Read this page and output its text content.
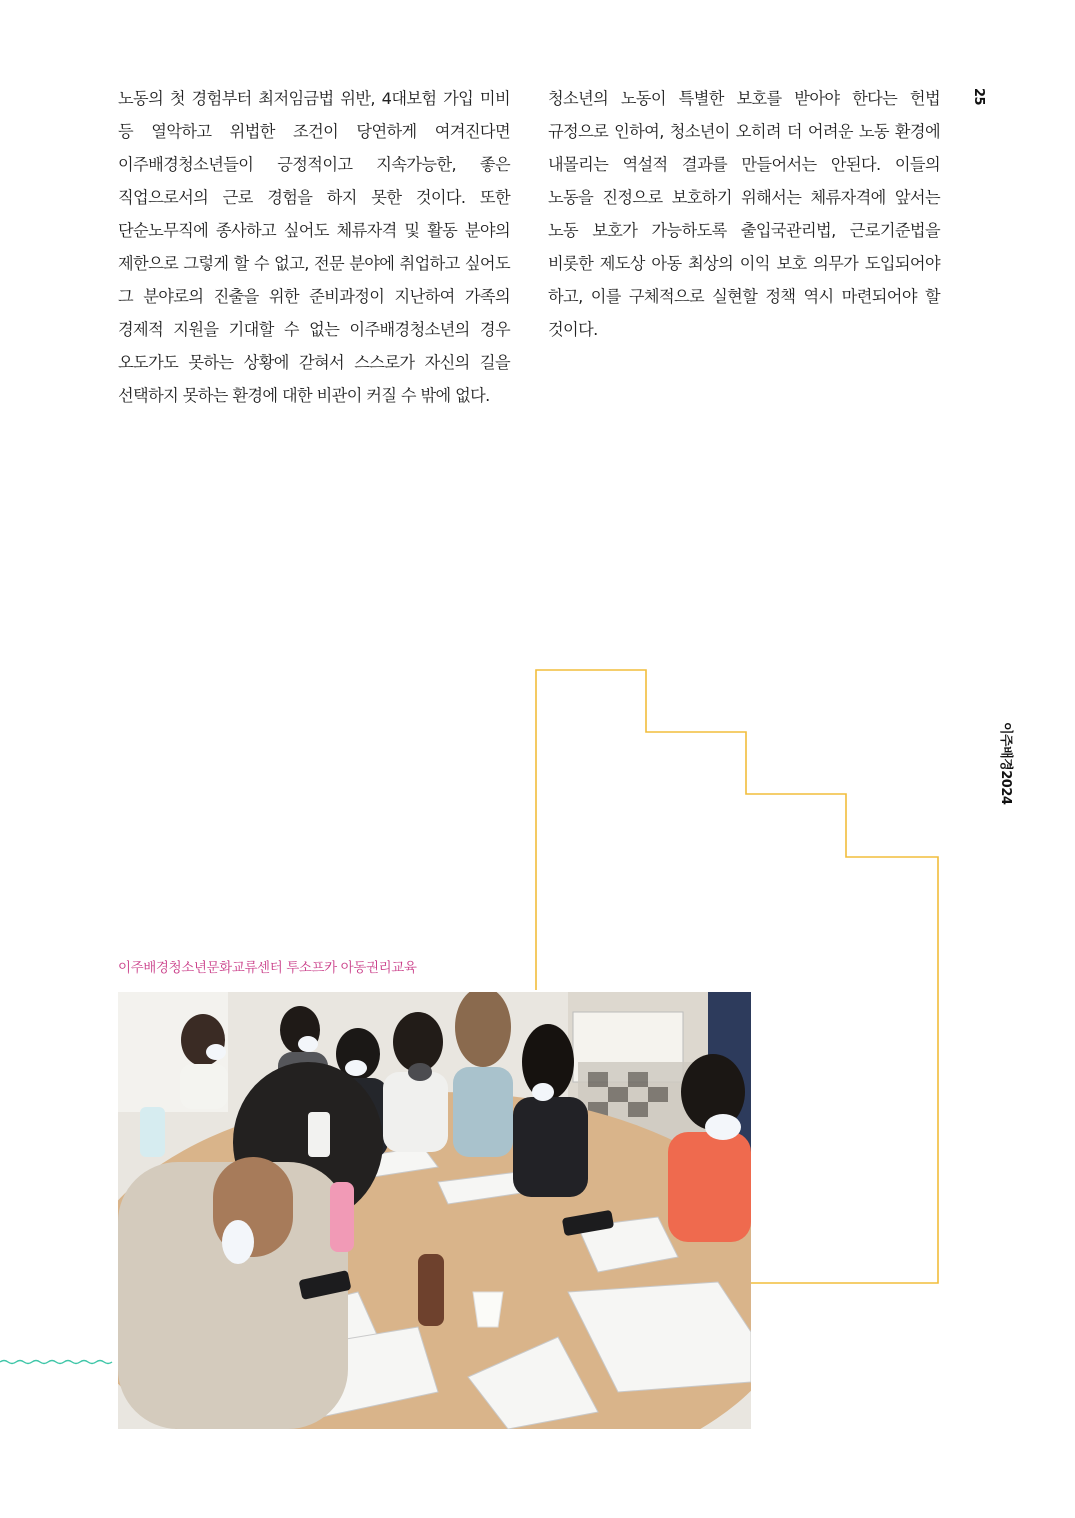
노동의 첫 경험부터 최저임금법 위반, 4대보험 가입 미비 등 열악하고 위법한 조건이 당연하게 여겨진다면 이주배경청소년들이 긍정적이고 지속가능한, 좋은 직업으로서의 근로 경험을 하지 못한 것이다. 또한 단순노무직에 종사하고 싶어도 체류자격 및 활동 분야의 제한으로 그렇게 할 수 없고, 전문 분야에 취업하고 싶어도 그 분야로의 진출을 위한 준비과정이 지난하여 가족의 경제적 지원을 기대할 수 없는 이주배경청소년의 경우 오도가도 못하는 상황에 갇혀서 스스로가 자신의 길을 선택하지 못하는 환경에 대한 비관이 커질 수 밖에 없다.

청소년의 노동이 특별한 보호를 받아야 한다는 헌법 규정으로 인하여, 청소년이 오히려 더 어려운 노동 환경에 내몰리는 역설적 결과를 만들어서는 안된다. 이들의 노동을 진정으로 보호하기 위해서는 체류자격에 앞서는 노동 보호가 가능하도록 출입국관리법, 근로기준법을 비롯한 제도상 아동 최상의 이익 보호 의무가 도입되어야 하고, 이를 구체적으로 실현할 정책 역시 마련되어야 할 것이다.

25
이주배경2024
이주배경청소년문화교류센터 투소프카 아동권리교육
